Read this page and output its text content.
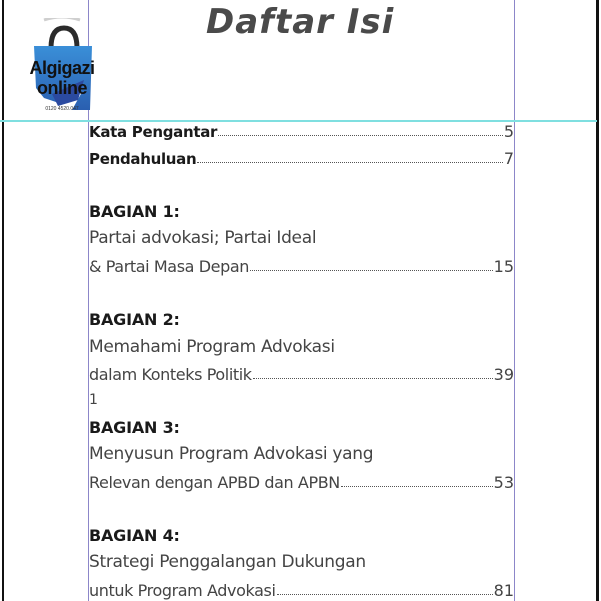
Algigazi
online
0120 4520.047
Daftar Isi
Kata Pengantar	5
Pendahuluan	7
BAGIAN 1:
Partai advokasi; Partai Ideal
& Partai Masa Depan	15
BAGIAN 2:
Memahami Program Advokasi
dalam Konteks Politik	39
1
BAGIAN 3:
Menyusun Program Advokasi yang
Relevan dengan APBD dan APBN	53
BAGIAN 4:
Strategi Penggalangan Dukungan
untuk Program Advokasi	81
